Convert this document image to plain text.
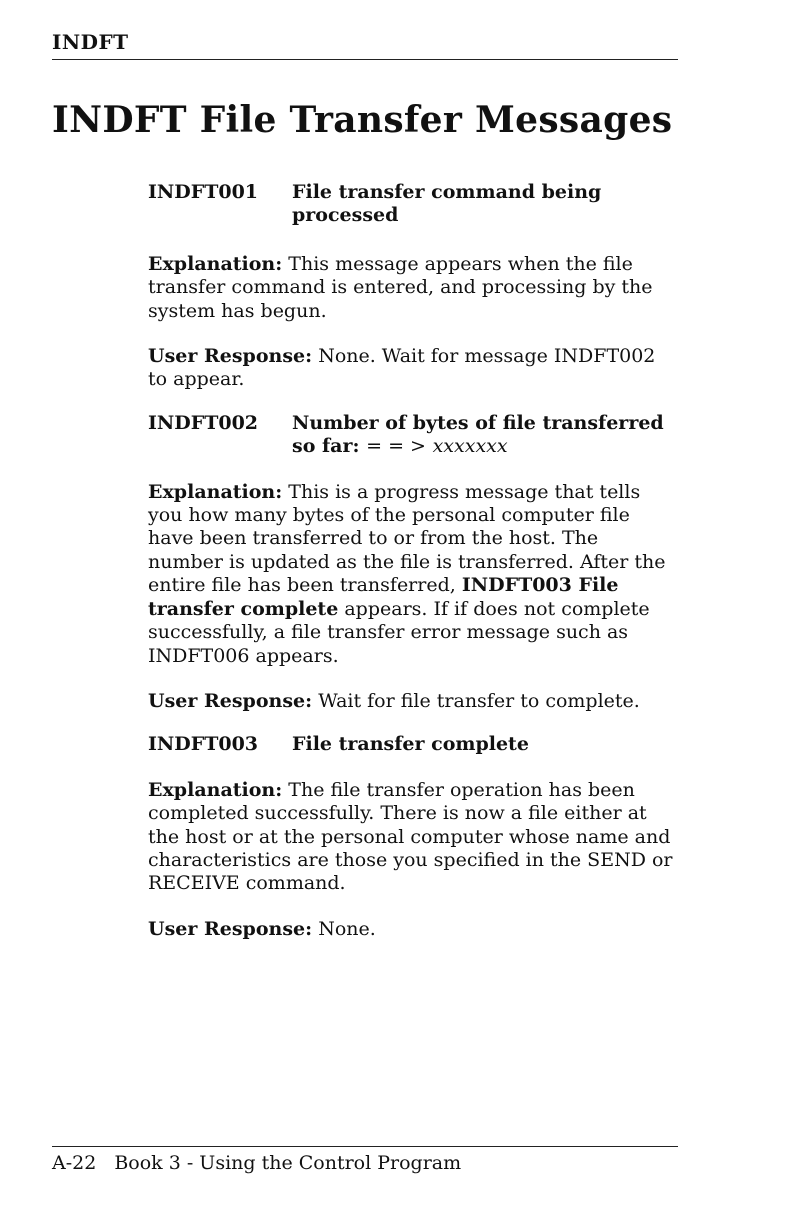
INDFT
INDFT File Transfer Messages
INDFT001	File transfer command being processed

Explanation: This message appears when the file transfer command is entered, and processing by the system has begun.

User Response: None. Wait for message INDFT002 to appear.

INDFT002	Number of bytes of file transferred so far: = = > xxxxxxx

Explanation: This is a progress message that tells you how many bytes of the personal computer file have been transferred to or from the host. The number is updated as the file is transferred. After the entire file has been transferred, INDFT003 File transfer complete appears. If if does not complete successfully, a file transfer error message such as INDFT006 appears.

User Response: Wait for file transfer to complete.

INDFT003	File transfer complete

Explanation: The file transfer operation has been completed successfully. There is now a file either at the host or at the personal computer whose name and characteristics are those you specified in the SEND or RECEIVE command.

User Response: None.

A-22 Book 3 - Using the Control Program
